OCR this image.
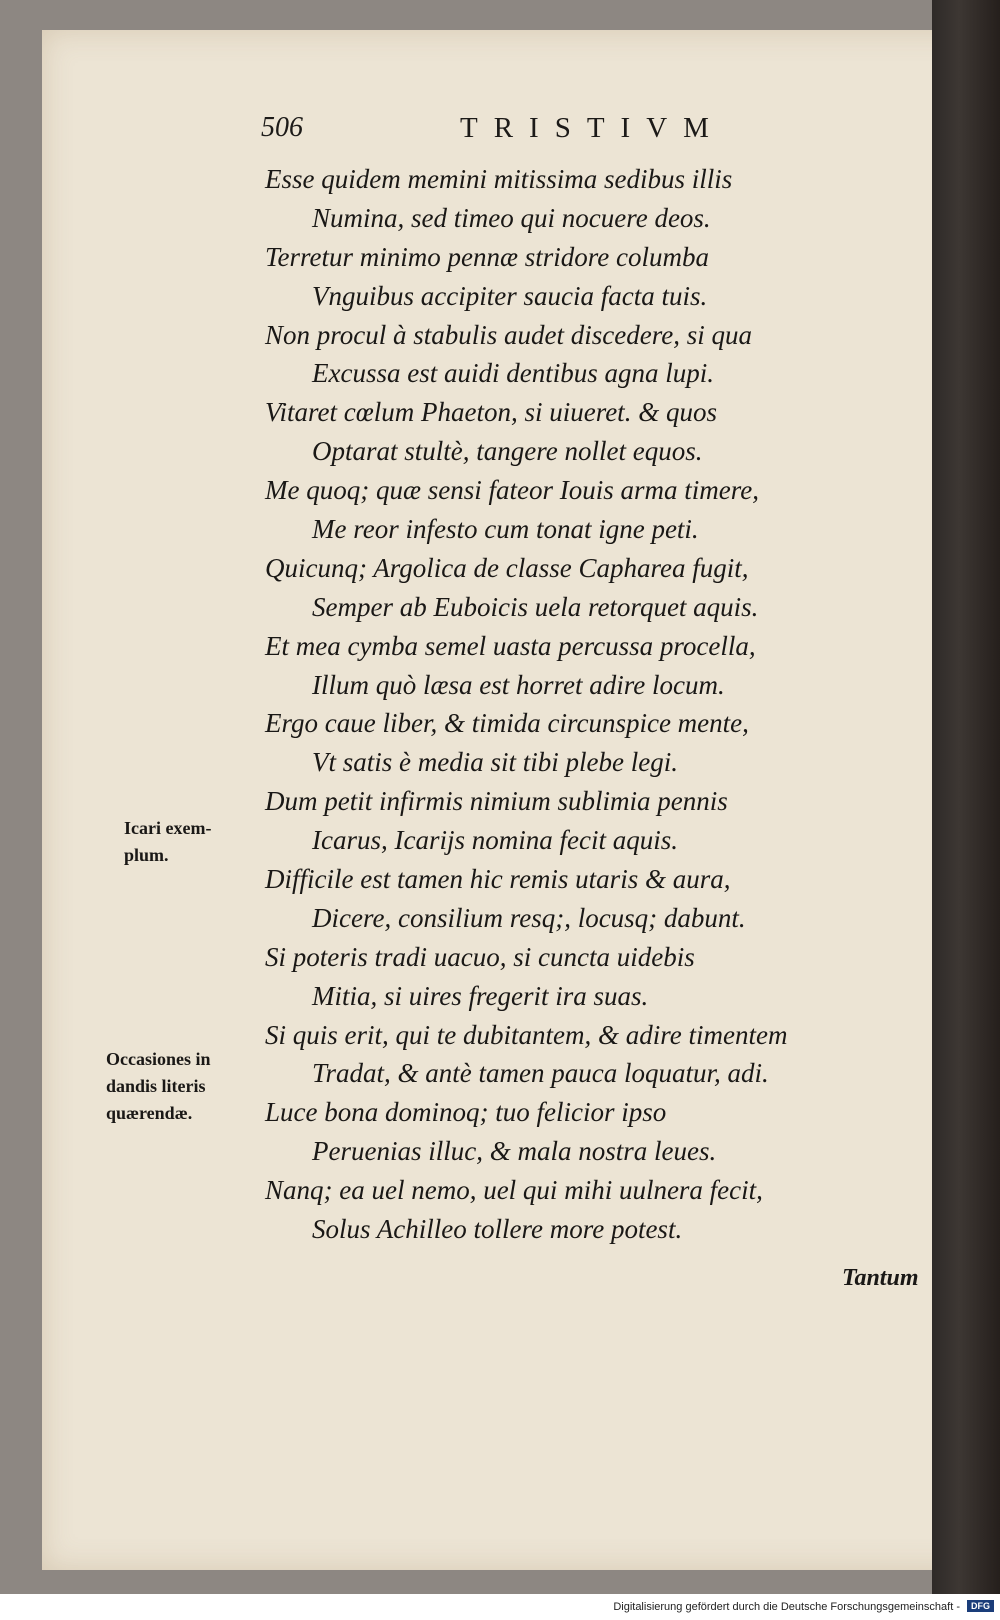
506	TRISTIVM
Esse quidem memini mitissima sedibus illis
Numina, sed timeo qui nocuere deos.
Terretur minimo pennæ stridore columba
Vnguibus accipiter saucia facta tuis.
Non procul à stabulis audet discedere, si qua
Excussa est auidi dentibus agna lupi.
Vitaret cœlum Phaeton, si uiueret. & quos
Optarat stultè, tangere nollet equos.
Me quoq; quæ sensi fateor Iouis arma timere,
Me reor infesto cum tonat igne peti.
Quicunq; Argolica de classe Capharea fugit,
Semper ab Euboicis uela retorquet aquis.
Et mea cymba semel uasta percussa procella,
Illum quò læsa est horret adire locum.
Ergo caue liber, & timida circunspice mente,
Vt satis è media sit tibi plebe legi.
Dum petit infirmis nimium sublimia pennis
Icarus, Icarijs nomina fecit aquis.
Difficile est tamen hic remis utaris & aura,
Dicere, consilium resq;, locusq; dabunt.
Si poteris tradi uacuo, si cuncta uidebis
Mitia, si uires fregerit ira suas.
Si quis erit, qui te dubitantem, & adire timentem
Tradat, & antè tamen pauca loquatur, adi.
Luce bona dominoq; tuo felicior ipso
Peruenias illuc, & mala nostra leues.
Nanq; ea uel nemo, uel qui mihi uulnera fecit,
Solus Achilleo tollere more potest.
Icari exem-
plum.
Occasiones in
dandis literis
quærendæ.
Tantum
Digitalisierung gefördert durch die Deutsche Forschungsgemeinschaft -	DFG
